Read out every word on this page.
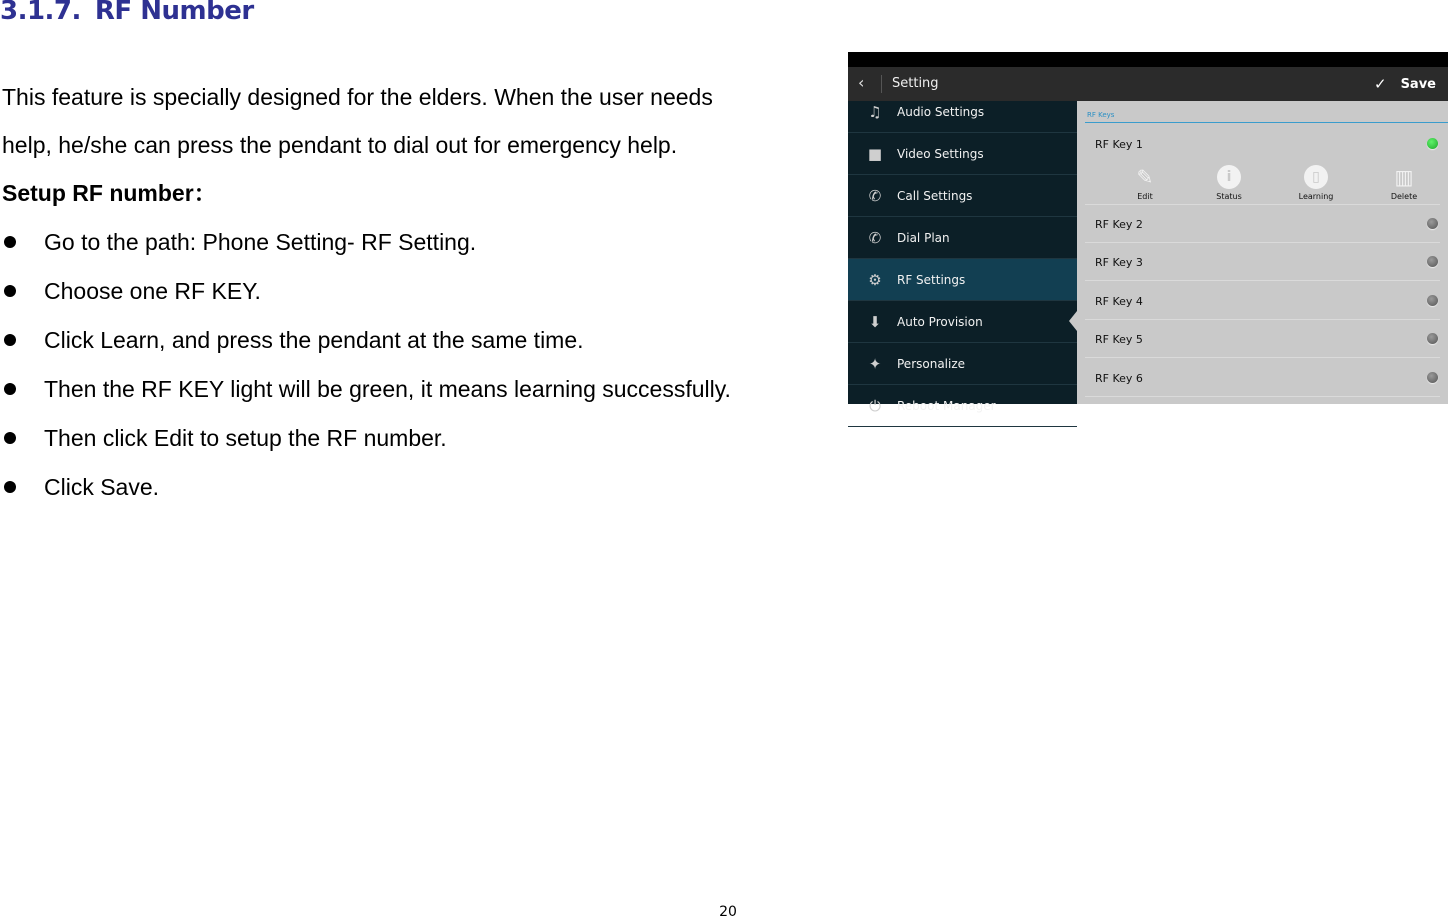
3.1.7. RF Number
This feature is specially designed for the elders. When the user needs
help, he/she can press the pendant to dial out for emergency help.
Setup RF number：
Go to the path: Phone Setting- RF Setting.
Choose one RF KEY.
Click Learn, and press the pendant at the same time.
Then the RF KEY light will be green, it means learning successfully.
Then click Edit to setup the RF number.
Click Save.
‹ Setting	✓ Save
♫ Audio Settings
■ Video Settings
✆	Call Settings
✆	Dial Plan
⚙ RF Settings
⬇	Auto Provision
✦	Personalize
⏻	Reboot Manager
RF Keys
RF Key 1
✎
Edit
i
Status
▯
Learning
▥
Delete
RF Key 2
RF Key 3
RF Key 4
RF Key 5
RF Key 6
20
